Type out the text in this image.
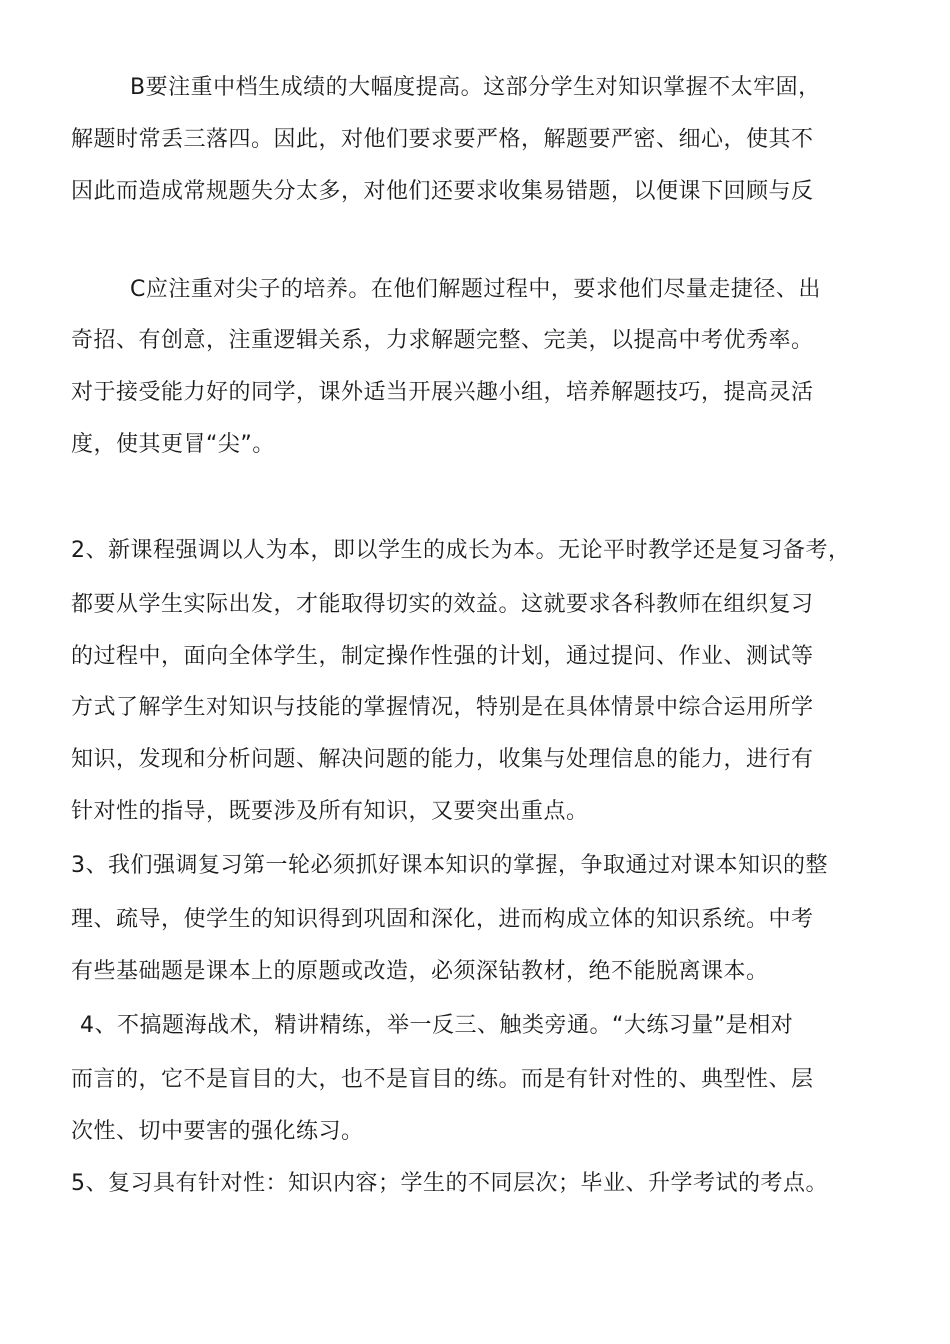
B要注重中档生成绩的大幅度提高。这部分学生对知识掌握不太牢固，
解题时常丢三落四。因此，对他们要求要严格，解题要严密、细心，使其不
因此而造成常规题失分太多，对他们还要求收集易错题，以便课下回顾与反
C应注重对尖子的培养。在他们解题过程中，要求他们尽量走捷径、出
奇招、有创意，注重逻辑关系，力求解题完整、完美，以提高中考优秀率。
对于接受能力好的同学，课外适当开展兴趣小组，培养解题技巧，提高灵活
度，使其更冒“尖”。
2、新课程强调以人为本，即以学生的成长为本。无论平时教学还是复习备考，
都要从学生实际出发，才能取得切实的效益。这就要求各科教师在组织复习
的过程中，面向全体学生，制定操作性强的计划，通过提问、作业、测试等
方式了解学生对知识与技能的掌握情况，特别是在具体情景中综合运用所学
知识，发现和分析问题、解决问题的能力，收集与处理信息的能力，进行有
针对性的指导，既要涉及所有知识，又要突出重点。
3、我们强调复习第一轮必须抓好课本知识的掌握，争取通过对课本知识的整
理、疏导，使学生的知识得到巩固和深化，进而构成立体的知识系统。中考
有些基础题是课本上的原题或改造，必须深钻教材，绝不能脱离课本。
4、不搞题海战术，精讲精练，举一反三、触类旁通。“大练习量”是相对
而言的，它不是盲目的大，也不是盲目的练。而是有针对性的、典型性、层
次性、切中要害的强化练习。
5、复习具有针对性：知识内容；学生的不同层次；毕业、升学考试的考点。
